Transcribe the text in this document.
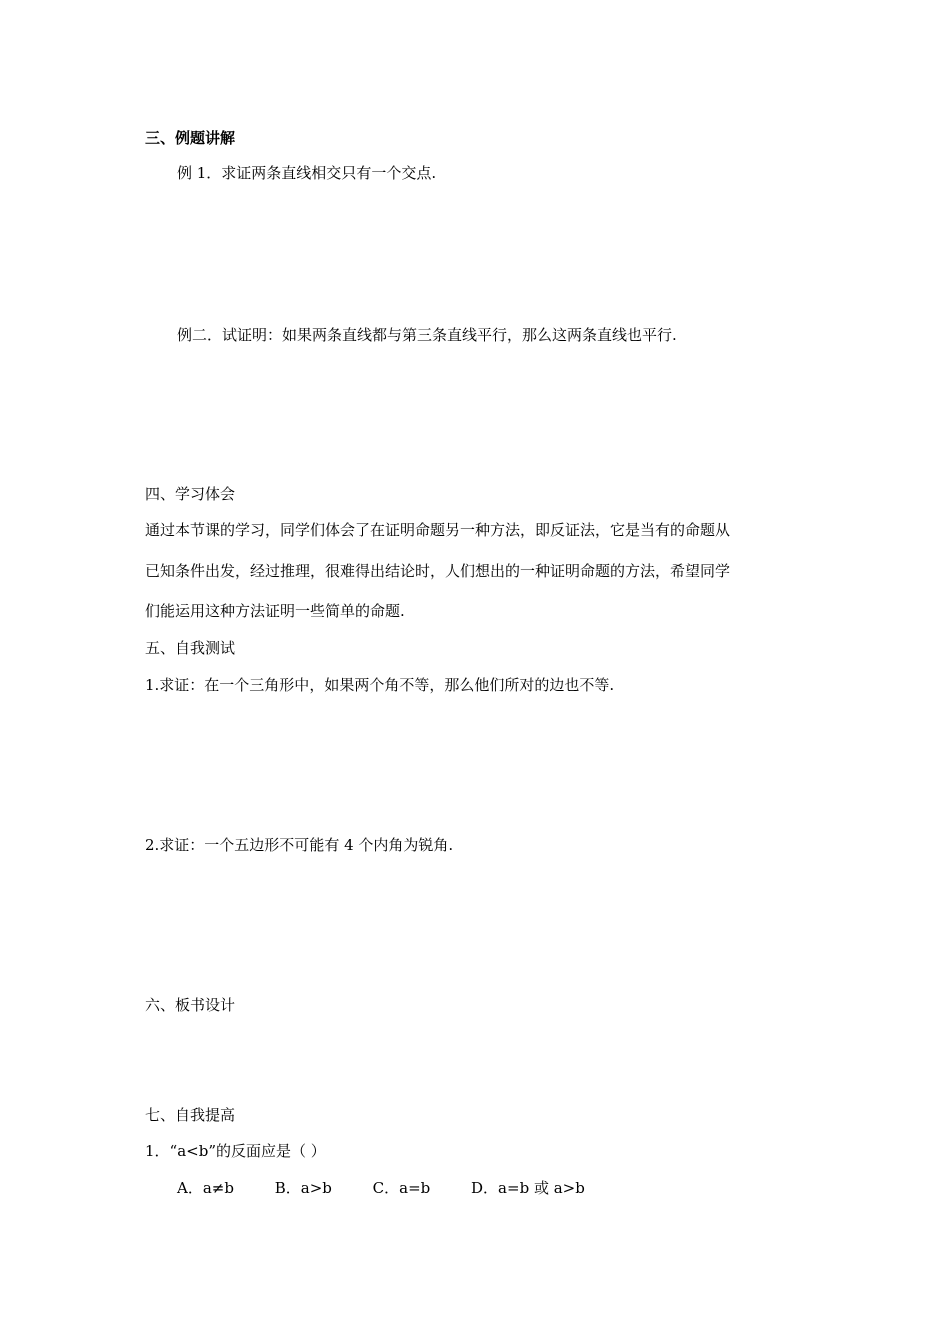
三、例题讲解
例 1．求证两条直线相交只有一个交点.
例二．试证明：如果两条直线都与第三条直线平行，那么这两条直线也平行.
四、学习体会
通过本节课的学习，同学们体会了在证明命题另一种方法，即反证法，它是当有的命题从
已知条件出发，经过推理，很难得出结论时，人们想出的一种证明命题的方法，希望同学
们能运用这种方法证明一些简单的命题.
五、自我测试
1.求证：在一个三角形中，如果两个角不等，那么他们所对的边也不等.
2.求证：一个五边形不可能有 4 个内角为锐角.
六、板书设计
七、自我提高
1．“a<b”的反面应是（ ）
A．a≠b	B．a>b	C．a=b	D．a=b 或 a>b
